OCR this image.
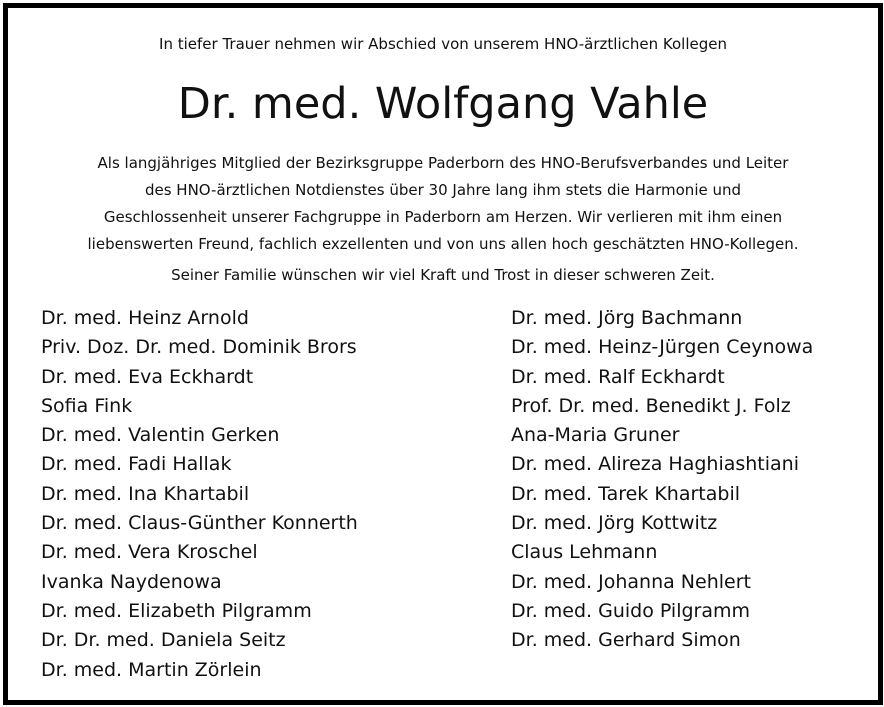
In tiefer Trauer nehmen wir Abschied von unserem HNO-ärztlichen Kollegen
Dr. med. Wolfgang Vahle
Als langjähriges Mitglied der Bezirksgruppe Paderborn des HNO-Berufsverbandes und Leiter
des HNO-ärztlichen Notdienstes über 30 Jahre lang ihm stets die Harmonie und
Geschlossenheit unserer Fachgruppe in Paderborn am Herzen. Wir verlieren mit ihm einen
liebenswerten Freund, fachlich exzellenten und von uns allen hoch geschätzten HNO-Kollegen.
Seiner Familie wünschen wir viel Kraft und Trost in dieser schweren Zeit.
Dr. med. Heinz Arnold
Priv. Doz. Dr. med. Dominik Brors
Dr. med. Eva Eckhardt
Sofia Fink
Dr. med. Valentin Gerken
Dr. med. Fadi Hallak
Dr. med. Ina Khartabil
Dr. med. Claus-Günther Konnerth
Dr. med. Vera Kroschel
Ivanka Naydenowa
Dr. med. Elizabeth Pilgramm
Dr. Dr. med. Daniela Seitz
Dr. med. Martin Zörlein
Dr. med. Jörg Bachmann
Dr. med. Heinz-Jürgen Ceynowa
Dr. med. Ralf Eckhardt
Prof. Dr. med. Benedikt J. Folz
Ana-Maria Gruner
Dr. med. Alireza Haghiashtiani
Dr. med. Tarek Khartabil
Dr. med. Jörg Kottwitz
Claus Lehmann
Dr. med. Johanna Nehlert
Dr. med. Guido Pilgramm
Dr. med. Gerhard Simon
